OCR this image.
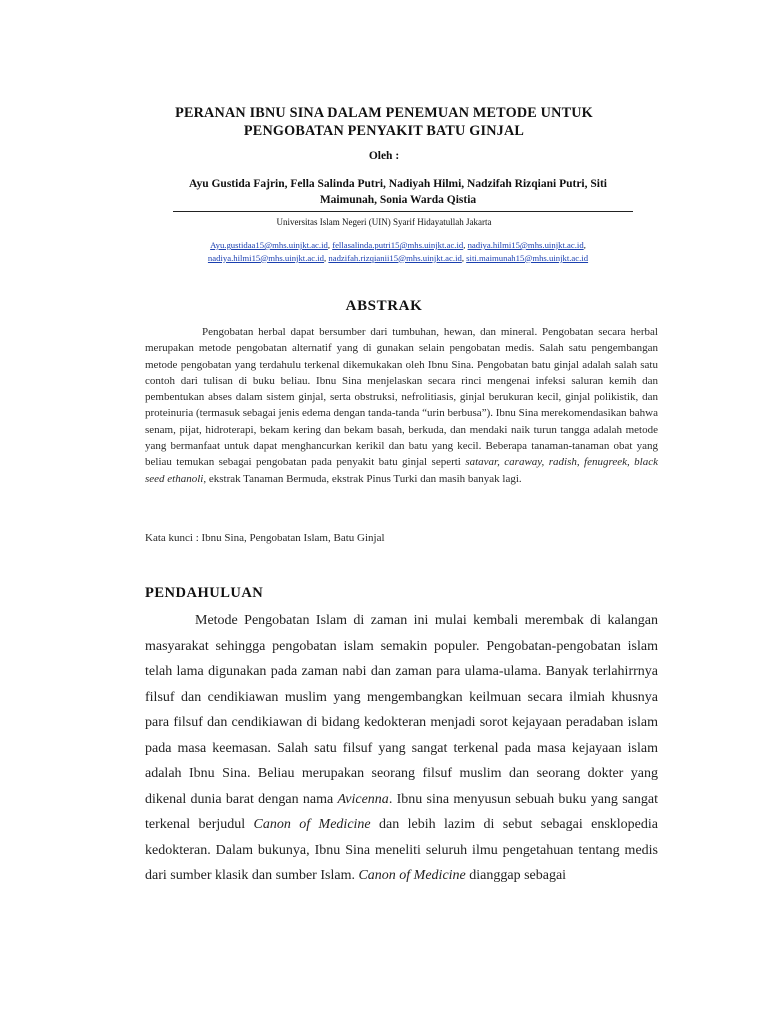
PERANAN IBNU SINA DALAM PENEMUAN METODE UNTUK
PENGOBATAN PENYAKIT BATU GINJAL
Oleh :
Ayu Gustida Fajrin, Fella Salinda Putri, Nadiyah Hilmi, Nadzifah Rizqiani Putri, Siti
Maimunah, Sonia Warda Qistia
Universitas Islam Negeri (UIN) Syarif Hidayatullah Jakarta
Ayu.gustidaa15@mhs.uinjkt.ac.id, fellasalinda.putri15@mhs.uinjkt.ac.id, nadiya.hilmi15@mhs.uinjkt.ac.id,
nadiya.hilmi15@mhs.uinjkt.ac.id, nadzifah.rizqianii15@mhs.uinjkt.ac.id, siti.maimunah15@mhs.uinjkt.ac.id
ABSTRAK

Pengobatan herbal dapat bersumber dari tumbuhan, hewan, dan mineral. Pengobatan secara herbal merupakan metode pengobatan alternatif yang di gunakan selain pengobatan medis. Salah satu pengembangan metode pengobatan yang terdahulu terkenal dikemukakan oleh Ibnu Sina. Pengobatan batu ginjal adalah salah satu contoh dari tulisan di buku beliau. Ibnu Sina menjelaskan secara rinci mengenai infeksi saluran kemih dan pembentukan abses dalam sistem ginjal, serta obstruksi, nefrolitiasis, ginjal berukuran kecil, ginjal polikistik, dan proteinuria (termasuk sebagai jenis edema dengan tanda-tanda “urin berbusa”). Ibnu Sina merekomendasikan bahwa senam, pijat, hidroterapi, bekam kering dan bekam basah, berkuda, dan mendaki naik turun tangga adalah metode yang bermanfaat untuk dapat menghancurkan kerikil dan batu yang kecil. Beberapa tanaman-tanaman obat yang beliau temukan sebagai pengobatan pada penyakit batu ginjal seperti satavar, caraway, radish, fenugreek, black seed ethanoli, ekstrak Tanaman Bermuda, ekstrak Pinus Turki dan masih banyak lagi.

Kata kunci : Ibnu Sina, Pengobatan Islam, Batu Ginjal
PENDAHULUAN

Metode Pengobatan Islam di zaman ini mulai kembali merembak di kalangan masyarakat sehingga pengobatan islam semakin populer. Pengobatan-pengobatan islam telah lama digunakan pada zaman nabi dan zaman para ulama-ulama. Banyak terlahirrnya filsuf dan cendikiawan muslim yang mengembangkan keilmuan secara ilmiah khusnya para filsuf dan cendikiawan di bidang kedokteran menjadi sorot kejayaan peradaban islam pada masa keemasan. Salah satu filsuf yang sangat terkenal pada masa kejayaan islam adalah Ibnu Sina. Beliau merupakan seorang filsuf muslim dan seorang dokter yang dikenal dunia barat dengan nama Avicenna. Ibnu sina menyusun sebuah buku yang sangat terkenal berjudul Canon of Medicine dan lebih lazim di sebut sebagai ensklopedia kedokteran. Dalam bukunya, Ibnu Sina meneliti seluruh ilmu pengetahuan tentang medis dari sumber klasik dan sumber Islam. Canon of Medicine dianggap sebagai
